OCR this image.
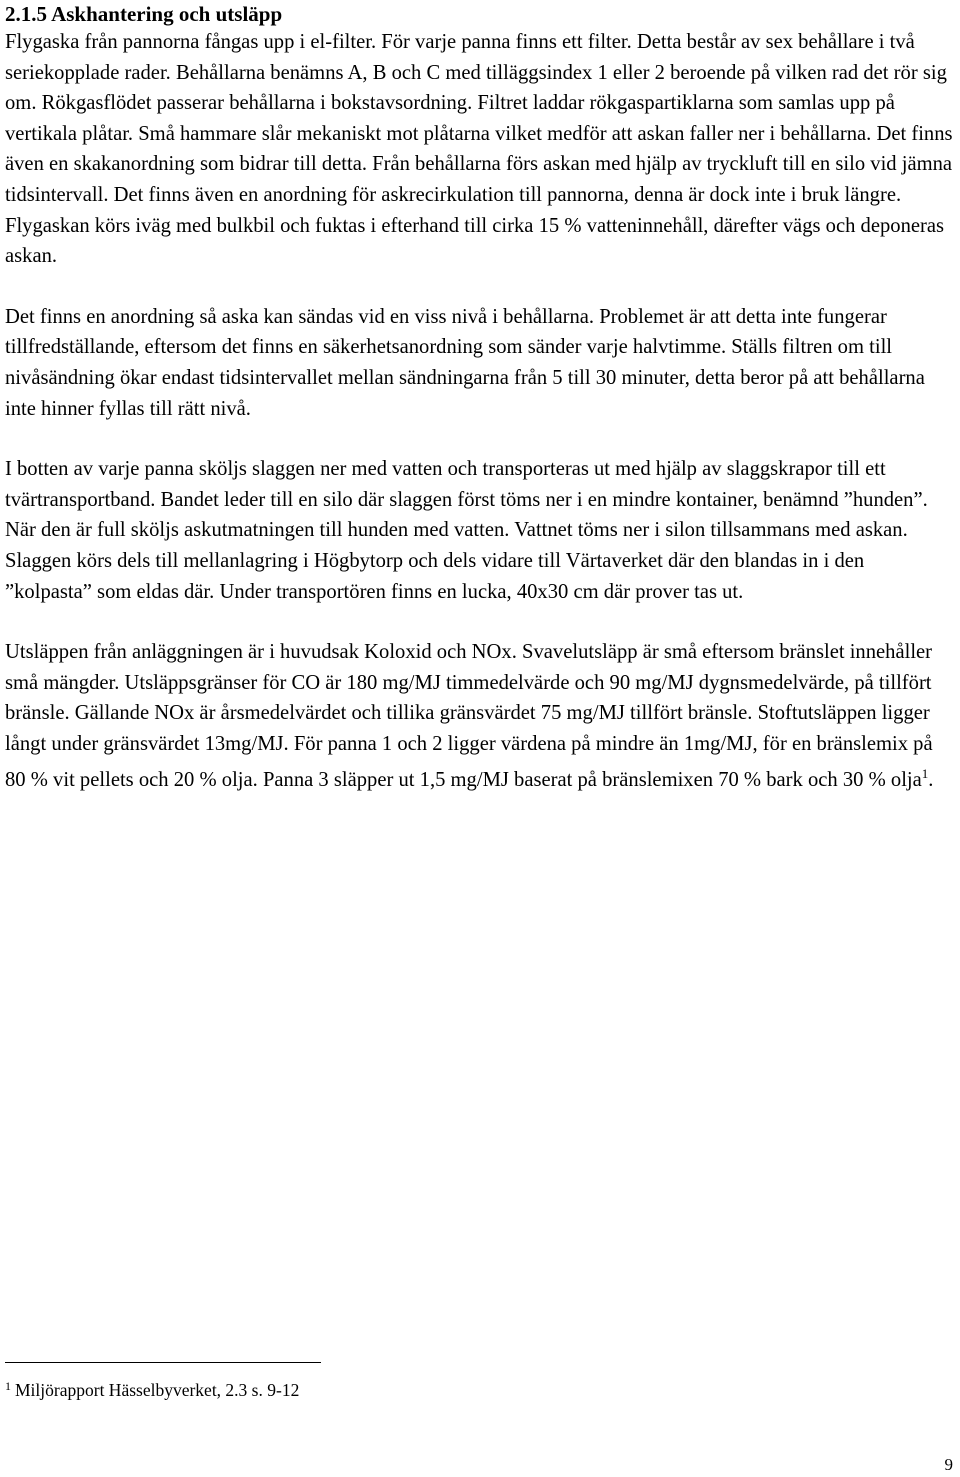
2.1.5 Askhantering och utsläpp

Flygaska från pannorna fångas upp i el-filter. För varje panna finns ett filter. Detta består av sex behållare i två seriekopplade rader. Behållarna benämns A, B och C med tilläggsindex 1 eller 2 beroende på vilken rad det rör sig om. Rökgasflödet passerar behållarna i bokstavsordning. Filtret laddar rökgaspartiklarna som samlas upp på vertikala plåtar. Små hammare slår mekaniskt mot plåtarna vilket medför att askan faller ner i behållarna. Det finns även en skakanordning som bidrar till detta. Från behållarna förs askan med hjälp av tryckluft till en silo vid jämna tidsintervall. Det finns även en anordning för askrecirkulation till pannorna, denna är dock inte i bruk längre. Flygaskan körs iväg med bulkbil och fuktas i efterhand till cirka 15 % vatteninnehåll, därefter vägs och deponeras askan.

Det finns en anordning så aska kan sändas vid en viss nivå i behållarna. Problemet är att detta inte fungerar tillfredställande, eftersom det finns en säkerhetsanordning som sänder varje halvtimme. Ställs filtren om till nivåsändning ökar endast tidsintervallet mellan sändningarna från 5 till 30 minuter, detta beror på att behållarna inte hinner fyllas till rätt nivå.

I botten av varje panna sköljs slaggen ner med vatten och transporteras ut med hjälp av slaggskrapor till ett tvärtransportband. Bandet leder till en silo där slaggen först töms ner i en mindre kontainer, benämnd ”hunden”. När den är full sköljs askutmatningen till hunden med vatten. Vattnet töms ner i silon tillsammans med askan. Slaggen körs dels till mellanlagring i Högbytorp och dels vidare till Värtaverket där den blandas in i den ”kolpasta” som eldas där. Under transportören finns en lucka, 40x30 cm där prover tas ut.

Utsläppen från anläggningen är i huvudsak Koloxid och NOx. Svavelutsläpp är små eftersom bränslet innehåller små mängder. Utsläppsgränser för CO är 180 mg/MJ timmedelvärde och 90 mg/MJ dygnsmedelvärde, på tillfört bränsle. Gällande NOx är årsmedelvärdet och tillika gränsvärdet 75 mg/MJ tillfört bränsle. Stoftutsläppen ligger långt under gränsvärdet 13mg/MJ. För panna 1 och 2 ligger värdena på mindre än 1mg/MJ, för en bränslemix på 80 % vit pellets och 20 % olja. Panna 3 släpper ut 1,5 mg/MJ baserat på bränslemixen 70 % bark och 30 % olja$^1$.

$^1$ Miljörapport Hässelbyverket, 2.3 s. 9-12
9
